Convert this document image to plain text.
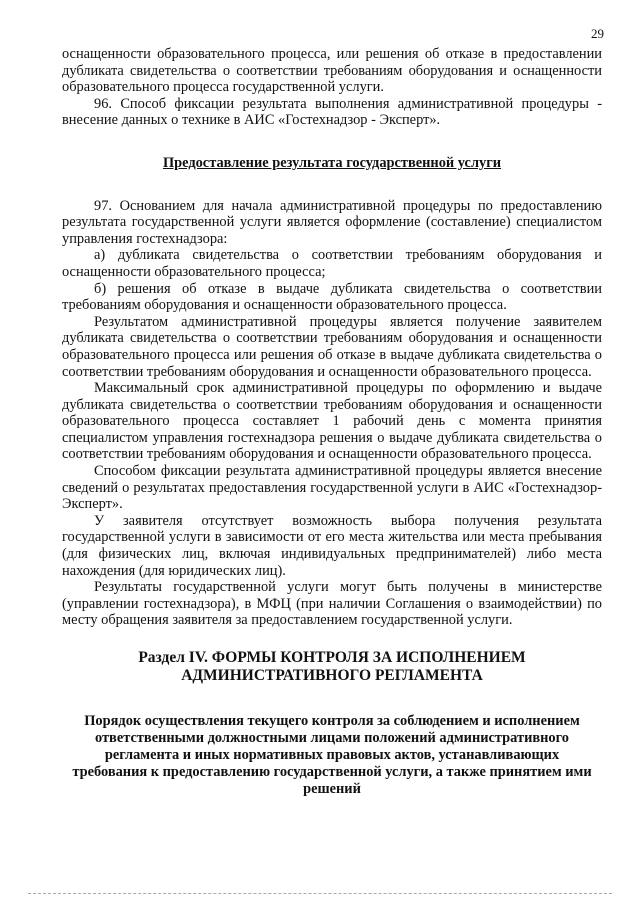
29

оснащенности образовательного процесса, или решения об отказе в предоставлении дубликата свидетельства о соответствии требованиям оборудования и оснащенности образовательного процесса государственной услуги.

96. Способ фиксации результата выполнения административной процедуры - внесение данных о технике в АИС «Гостехнадзор - Эксперт».

Предоставление результата государственной услуги

97. Основанием для начала административной процедуры по предоставлению результата государственной услуги является оформление (составление) специалистом управления гостехнадзора:

а) дубликата свидетельства о соответствии требованиям оборудования и оснащенности образовательного процесса;

б) решения об отказе в выдаче дубликата свидетельства о соответствии требованиям оборудования и оснащенности образовательного процесса.

Результатом административной процедуры является получение заявителем дубликата свидетельства о соответствии требованиям оборудования и оснащенности образовательного процесса или решения об отказе в выдаче дубликата свидетельства о соответствии требованиям оборудования и оснащенности образовательного процесса.

Максимальный срок административной процедуры по оформлению и выдаче дубликата свидетельства о соответствии требованиям оборудования и оснащенности образовательного процесса составляет 1 рабочий день с момента принятия специалистом управления гостехнадзора решения о выдаче дубликата свидетельства о соответствии требованиям оборудования и оснащенности образовательного процесса.

Способом фиксации результата административной процедуры является внесение сведений о результатах предоставления государственной услуги в АИС «Гостехнадзор-Эксперт».

У заявителя отсутствует возможность выбора получения результата государственной услуги в зависимости от его места жительства или места пребывания (для физических лиц, включая индивидуальных предпринимателей) либо места нахождения (для юридических лиц).

Результаты государственной услуги могут быть получены в министерстве (управлении гостехнадзора), в МФЦ (при наличии Соглашения о взаимодействии) по месту обращения заявителя за предоставлением государственной услуги.

Раздел IV. ФОРМЫ КОНТРОЛЯ ЗА ИСПОЛНЕНИЕМ
АДМИНИСТРАТИВНОГО РЕГЛАМЕНТА
Порядок осуществления текущего контроля за соблюдением и исполнением ответственными должностными лицами положений административного регламента и иных нормативных правовых актов, устанавливающих требования к предоставлению государственной услуги, а также принятием ими решений
